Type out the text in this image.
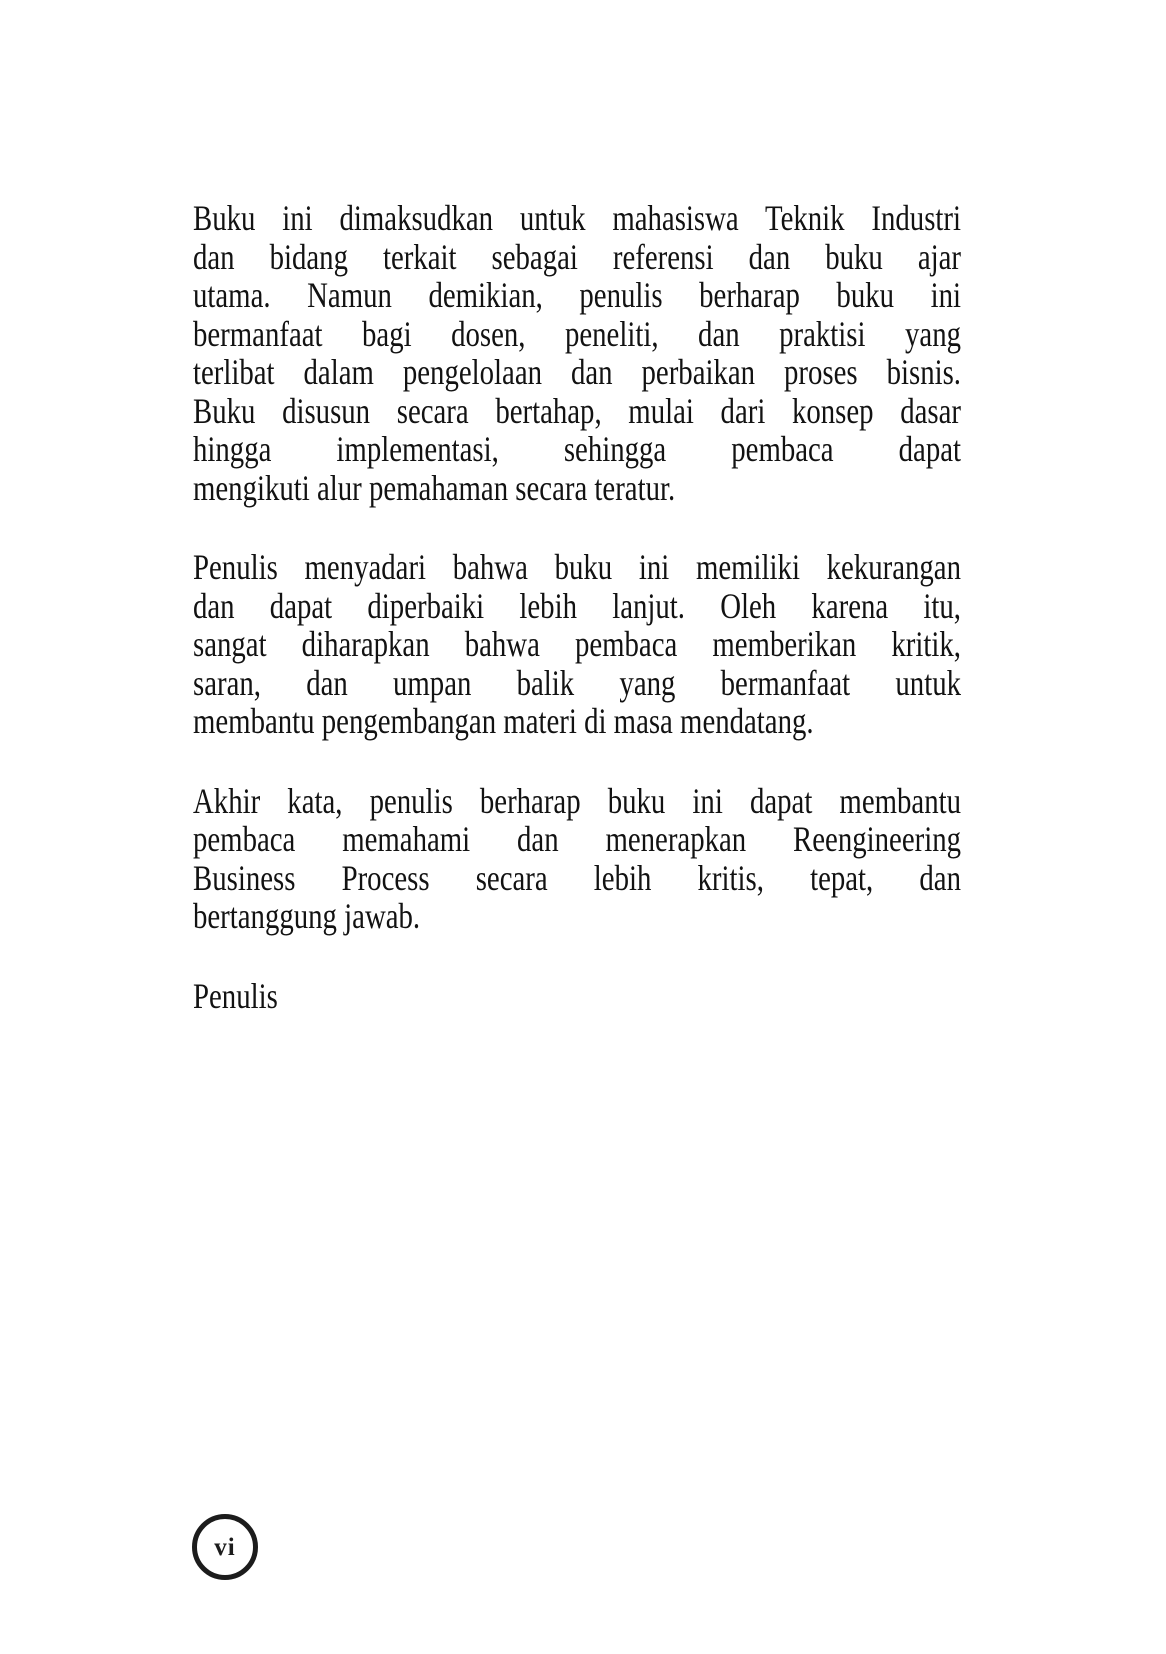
Buku ini dimaksudkan untuk mahasiswa Teknik Industri
dan bidang terkait sebagai referensi dan buku ajar
utama. Namun demikian, penulis berharap buku ini
bermanfaat bagi dosen, peneliti, dan praktisi yang
terlibat dalam pengelolaan dan perbaikan proses bisnis.
Buku disusun secara bertahap, mulai dari konsep dasar
hingga implementasi, sehingga pembaca dapat
mengikuti alur pemahaman secara teratur.
Penulis menyadari bahwa buku ini memiliki kekurangan
dan dapat diperbaiki lebih lanjut. Oleh karena itu,
sangat diharapkan bahwa pembaca memberikan kritik,
saran, dan umpan balik yang bermanfaat untuk
membantu pengembangan materi di masa mendatang.
Akhir kata, penulis berharap buku ini dapat membantu
pembaca memahami dan menerapkan Reengineering
Business Process secara lebih kritis, tepat, dan
bertanggung jawab.
Penulis
vi
